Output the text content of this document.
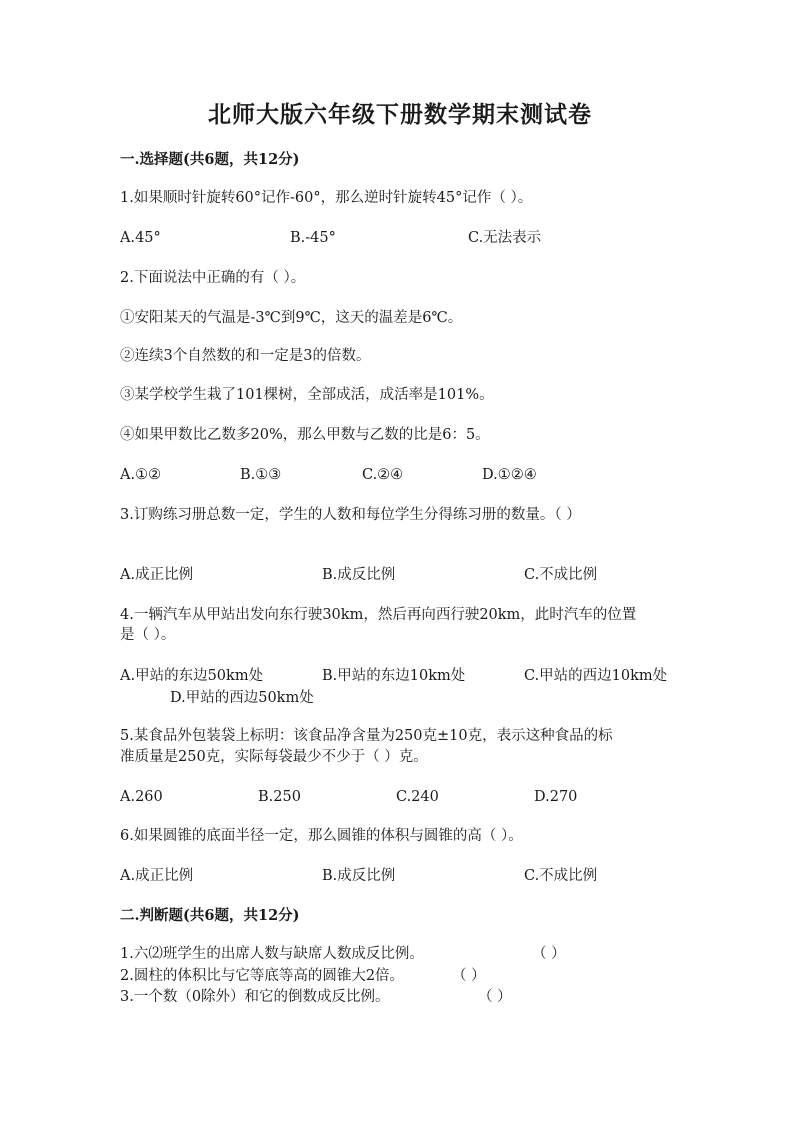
北师大版六年级下册数学期末测试卷
一.选择题(共6题，共12分)
1.如果顺时针旋转60°记作-60°，那么逆时针旋转45°记作（ ）。
A.45°	B.-45°	C.无法表示
2.下面说法中正确的有（ ）。
①安阳某天的气温是-3℃到9℃，这天的温差是6℃。
②连续3个自然数的和一定是3的倍数。
③某学校学生栽了101棵树，全部成活，成活率是101%。
④如果甲数比乙数多20%，那么甲数与乙数的比是6：5。
A.①②	B.①③	C.②④	D.①②④
3.订购练习册总数一定，学生的人数和每位学生分得练习册的数量。（ ）
A.成正比例	B.成反比例	C.不成比例
4.一辆汽车从甲站出发向东行驶30km，然后再向西行驶20km，此时汽车的位置
是（ ）。
A.甲站的东边50km处	B.甲站的东边10km处	C.甲站的西边10km处
D.甲站的西边50km处
5.某食品外包装袋上标明：该食品净含量为250克±10克，表示这种食品的标
准质量是250克，实际每袋最少不少于（ ）克。
A.260	B.250	C.240	D.270
6.如果圆锥的底面半径一定，那么圆锥的体积与圆锥的高（ ）。
A.成正比例	B.成反比例	C.不成比例
二.判断题(共6题，共12分)
1.六⑵班学生的出席人数与缺席人数成反比例。	（ ）
2.圆柱的体积比与它等底等高的圆锥大2倍。	（ ）
3.一个数（0除外）和它的倒数成反比例。	（ ）
